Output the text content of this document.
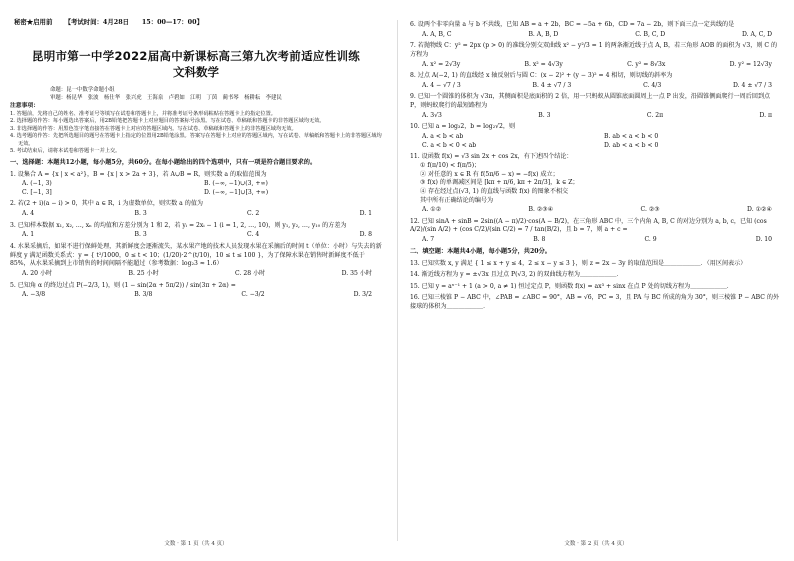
秘密★启用前 【考试时间：4月28日　　15：00—17：00】
昆明市第一中学2022届高中新课标高三第九次考前适应性训练
文科数学
命题：昆一中数学命题小组
审题：杨昆华　张波　杨仕华　张兴虎　王海泉　卢碧如　江明　丁茵　蔺书琴　杨耕耘　李建民
注意事项：
1. 答题前，先将自己的姓名、准考证号等填写在试卷和答题卡上，并将准考证号条形码粘贴在答题卡上的指定位置。
2. 选择题的作答：每小题选出答案后，用2B铅笔把答题卡上对应题目的答案标号涂黑。写在试卷、草稿纸和答题卡的非答题区域均无效。
3. 非选择题的作答：用黑色签字笔直接答在答题卡上对应的答题区域内。写在试卷、草稿纸和答题卡上的非答题区域均无效。
4. 选考题的作答：先把所选题目的题号在答题卡上指定的位置用2B铅笔涂黑。答案写在答题卡上对应的答题区域内，写在试卷、草稿纸和答题卡上的非答题区域均无效。
5. 考试结束后，请将本试卷和答题卡一并上交。
一、选择题：本题共12小题，每小题5分，共60分。在每小题给出的四个选项中，只有一项是符合题目要求的。
1. 设集合 A = {x | x < a²}，B = {x | x > 2a + 3}，若 A∪B = R，则实数 a 的取值范围为
A. (−1, 3)	B. (−∞, −1)∪(3, +∞)
C. [−1, 3]	D. (−∞, −1]∪[3, +∞)
2. 若(2 + i)(a − i) > 0，其中 a ∈ R，i 为虚数单位，则实数 a 的值为
A. 4	B. 3	C. 2	D. 1
3. 已知样本数据 x₁, x₂, …, xₙ 的均值和方差分别为 1 和 2，若 yᵢ = 2xᵢ − 1 (i = 1, 2, …, 10)，则 y₁, y₂, …, y₁₀ 的方差为
A. 1	B. 3	C. 4	D. 8
4. 水果采摘后，如果不进行保鲜处理，其新鲜度会逐渐流失，某水果产地的技术人员发现水果在采摘后的时间 t（单位：小时）与失去的新鲜度 y 满足函数关系式：y = { t²/1000，0 ≤ t < 10；(1/20)·2^(t/10)，10 ≤ t ≤ 100 }，为了保障水果在销售时新鲜度不低于 85%，从水果采摘到上市销售的时间间隔不能超过（参考数据：log₂3 ≈ 1.6）
A. 20 小时	B. 25 小时	C. 28 小时	D. 35 小时
5. 已知角 α 的终边过点 P(−2/3, 1)，则 (1 − sin(2α + 5π/2)) / sin(3π + 2α) =
A. −3/8	B. 3/8	C. −3/2	D. 3/2
6. 设两个非零向量 a 与 b 不共线，已知 AB = a + 2b，BC = −5a + 6b，CD = 7a − 2b，则下面三点一定共线的是
A. A, B, C	B. A, B, D	C. B, C, D	D. A, C, D
7. 若抛物线 C：y² = 2px (p > 0) 的准线分别交双曲线 x² − y²/3 = 1 的两条渐近线于点 A, B，若三角形 AOB 的面积为 √3，则 C 的方程为
A. x² = 2√3y	B. x² = 4√3y	C. y² = 8√3x	D. y² = 12√3y
8. 过点 A(−2, 1) 的直线经 x 轴反射后与圆 C：(x − 2)² + (y − 3)² = 4 相切，则切线的斜率为
A. 4 − √7 / 3	B. 4 ± √7 / 3	C. 4/3	D. 4 ± √7 / 3
9. 已知一个圆锥的体积为 √3π，其侧面积是底面积的 2 倍，用一只蚂蚁从圆锥底面圆周上一点 P 出发，沿圆锥侧面爬行一周后回到点 P，则蚂蚁爬行的最短路程为
A. 3√3	B. 3	C. 2π	D. π
10. 已知 a = log₃2，b = log₂√2，则
A. a < b < ab	B. ab < a < b < 0
C. a < b < 0 < ab	D. ab < a < b < 0
11. 设函数 f(x) = √3 sin 2x + cos 2x，有下述四个结论：
① f(π/10) < f(π/5)；
② 对任意的 x ∈ R 有 f(5π/6 − x) = −f(x) 成立；
③ f(x) 的单调减区间是 [kπ + π/6, kπ + 2π/3]，k ∈ Z；
④ 存在经过点(√3, 1) 的直线与函数 f(x) 的图象不相交
其中所有正确结论的编号为
A. ①②	B. ②③④	C. ②③	D. ①②④
12. 已知 sinA + sinB = 2sin((A − π)/2)·cos(A − B/2)，在三角形 ABC 中，三个内角 A, B, C 的对边分别为 a, b, c，已知 (cos A/2)/(sin A/2) + (cos C/2)/(sin C/2) = 7 / tan(B/2)，且 b = 7，则 a + c =
A. 7	B. 8	C. 9	D. 10
二、填空题：本题共4小题，每小题5分，共20分。
13. 已知实数 x, y 满足 { 1 ≤ x + y ≤ 4，2 ≤ x − y ≤ 3 }，则 z = 2x − 3y 的取值范围是＿＿＿＿＿＿．（用区间表示）
14. 渐近线方程为 y = ±√3x 且过点 P(√3, 2) 的双曲线方程为＿＿＿＿＿＿．
15. 已知 y = aˣ⁻¹ + 1 (a > 0, a ≠ 1) 恒过定点 P，则函数 f(x) = ax³ + sinx 在点 P 处的切线方程为＿＿＿＿＿＿．
16. 已知三棱锥 P − ABC 中，∠PAB = ∠ABC = 90°，AB = √6，PC = 3，且 PA 与 BC 所成的角为 30°，则三棱锥 P − ABC 的外接球的体积为＿＿＿＿＿＿．
文数 · 第 1 页（共 4 页）	文数 · 第 2 页（共 4 页）
